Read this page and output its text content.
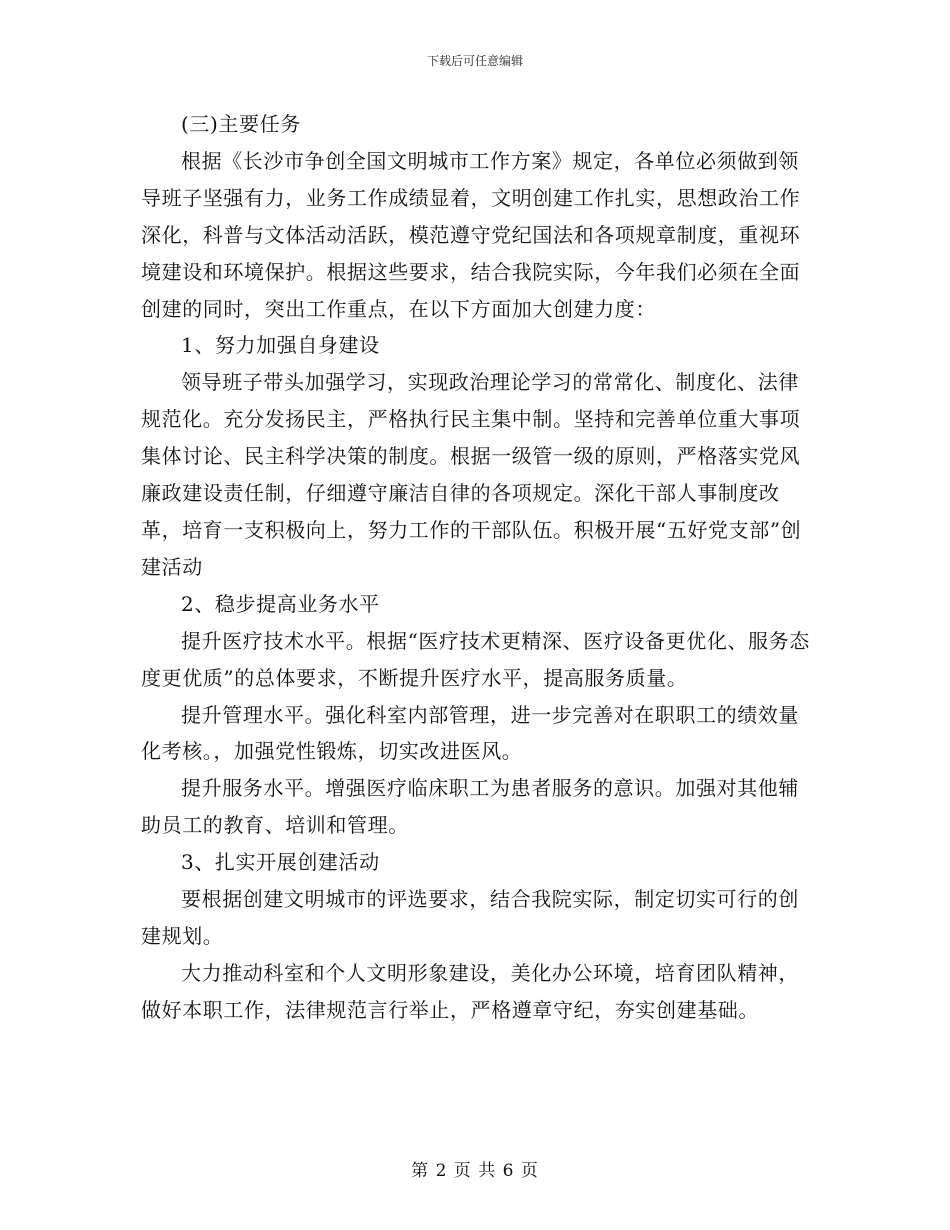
下载后可任意编辑

(三)主要任务

根据《长沙市争创全国文明城市工作方案》规定，各单位必须做到领导班子坚强有力，业务工作成绩显着，文明创建工作扎实，思想政治工作深化，科普与文体活动活跃，模范遵守党纪国法和各项规章制度，重视环境建设和环境保护。根据这些要求，结合我院实际，今年我们必须在全面创建的同时，突出工作重点，在以下方面加大创建力度：

1、努力加强自身建设

领导班子带头加强学习，实现政治理论学习的常常化、制度化、法律规范化。充分发扬民主，严格执行民主集中制。坚持和完善单位重大事项集体讨论、民主科学决策的制度。根据一级管一级的原则，严格落实党风廉政建设责任制，仔细遵守廉洁自律的各项规定。深化干部人事制度改革，培育一支积极向上，努力工作的干部队伍。积极开展“五好党支部”创建活动

2、稳步提高业务水平

提升医疗技术水平。根据“医疗技术更精深、医疗设备更优化、服务态度更优质”的总体要求，不断提升医疗水平，提高服务质量。

提升管理水平。强化科室内部管理，进一步完善对在职职工的绩效量化考核。，加强党性锻炼，切实改进医风。

提升服务水平。增强医疗临床职工为患者服务的意识。加强对其他辅助员工的教育、培训和管理。

3、扎实开展创建活动

要根据创建文明城市的评选要求，结合我院实际，制定切实可行的创建规划。

大力推动科室和个人文明形象建设，美化办公环境，培育团队精神，做好本职工作，法律规范言行举止，严格遵章守纪，夯实创建基础。

第 2 页 共 6 页
